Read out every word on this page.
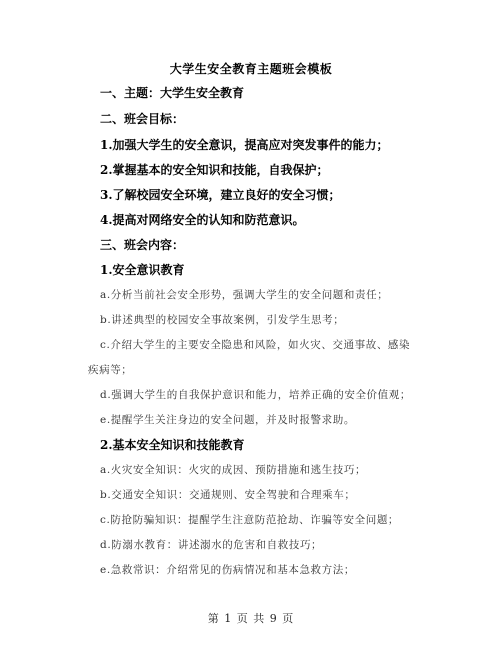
大学生安全教育主题班会模板
一、主题：大学生安全教育
二、班会目标：
1.加强大学生的安全意识，提高应对突发事件的能力；
2.掌握基本的安全知识和技能，自我保护；
3.了解校园安全环境，建立良好的安全习惯；
4.提高对网络安全的认知和防范意识。
三、班会内容：
1.安全意识教育
a.分析当前社会安全形势，强调大学生的安全问题和责任；
b.讲述典型的校园安全事故案例，引发学生思考；
c.介绍大学生的主要安全隐患和风险，如火灾、交通事故、感染
疾病等；
d.强调大学生的自我保护意识和能力，培养正确的安全价值观；
e.提醒学生关注身边的安全问题，并及时报警求助。
2.基本安全知识和技能教育
a.火灾安全知识：火灾的成因、预防措施和逃生技巧；
b.交通安全知识：交通规则、安全驾驶和合理乘车；
c.防抢防骗知识：提醒学生注意防范抢劫、诈骗等安全问题；
d.防溺水教育：讲述溺水的危害和自救技巧；
e.急救常识：介绍常见的伤病情况和基本急救方法；
第 1 页 共 9 页
